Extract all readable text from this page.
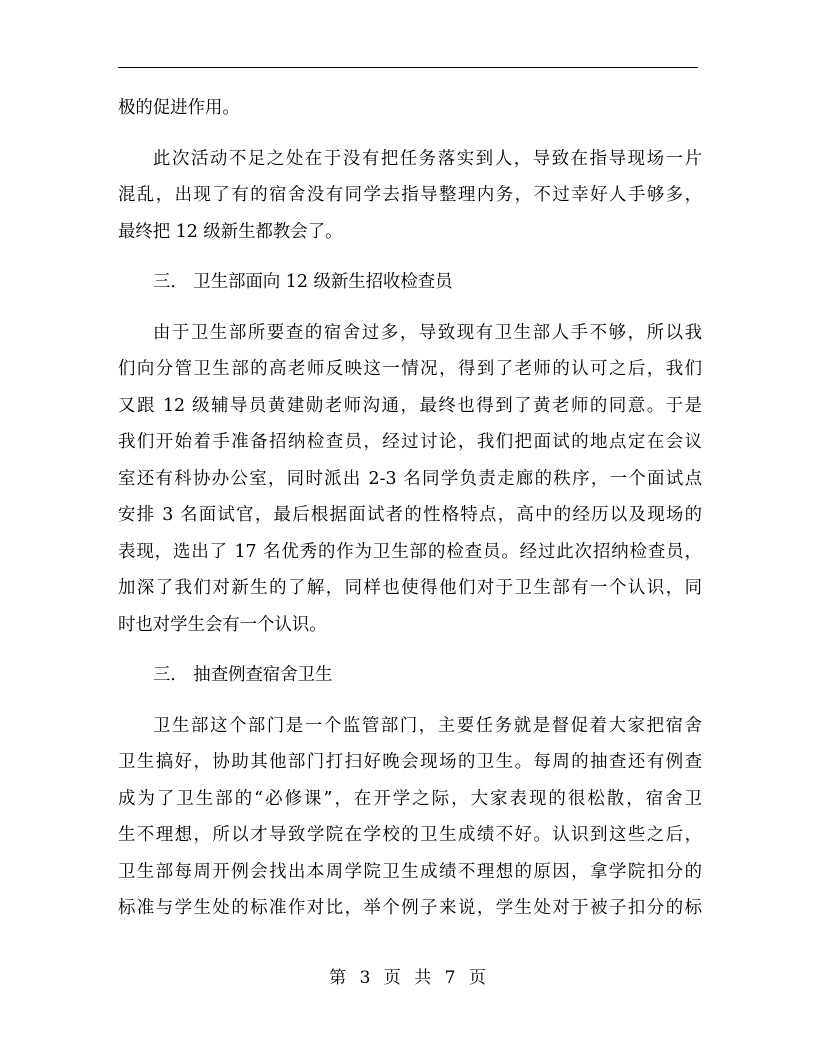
极的促进作用。
此次活动不足之处在于没有把任务落实到人，导致在指导现场一片
混乱，出现了有的宿舍没有同学去指导整理内务，不过幸好人手够多，
最终把 12 级新生都教会了。
三． 卫生部面向 12 级新生招收检查员
由于卫生部所要查的宿舍过多，导致现有卫生部人手不够，所以我
们向分管卫生部的高老师反映这一情况，得到了老师的认可之后，我们
又跟 12 级辅导员黄建勋老师沟通，最终也得到了黄老师的同意。于是
我们开始着手准备招纳检查员，经过讨论，我们把面试的地点定在会议
室还有科协办公室，同时派出 2-3 名同学负责走廊的秩序，一个面试点
安排 3 名面试官，最后根据面试者的性格特点，高中的经历以及现场的
表现，选出了 17 名优秀的作为卫生部的检查员。经过此次招纳检查员，
加深了我们对新生的了解，同样也使得他们对于卫生部有一个认识，同
时也对学生会有一个认识。
三． 抽查例查宿舍卫生
卫生部这个部门是一个监管部门，主要任务就是督促着大家把宿舍
卫生搞好，协助其他部门打扫好晚会现场的卫生。每周的抽查还有例查
成为了卫生部的“必修课”，在开学之际，大家表现的很松散，宿舍卫
生不理想，所以才导致学院在学校的卫生成绩不好。认识到这些之后，
卫生部每周开例会找出本周学院卫生成绩不理想的原因，拿学院扣分的
标准与学生处的标准作对比，举个例子来说，学生处对于被子扣分的标
第 3 页 共 7 页
